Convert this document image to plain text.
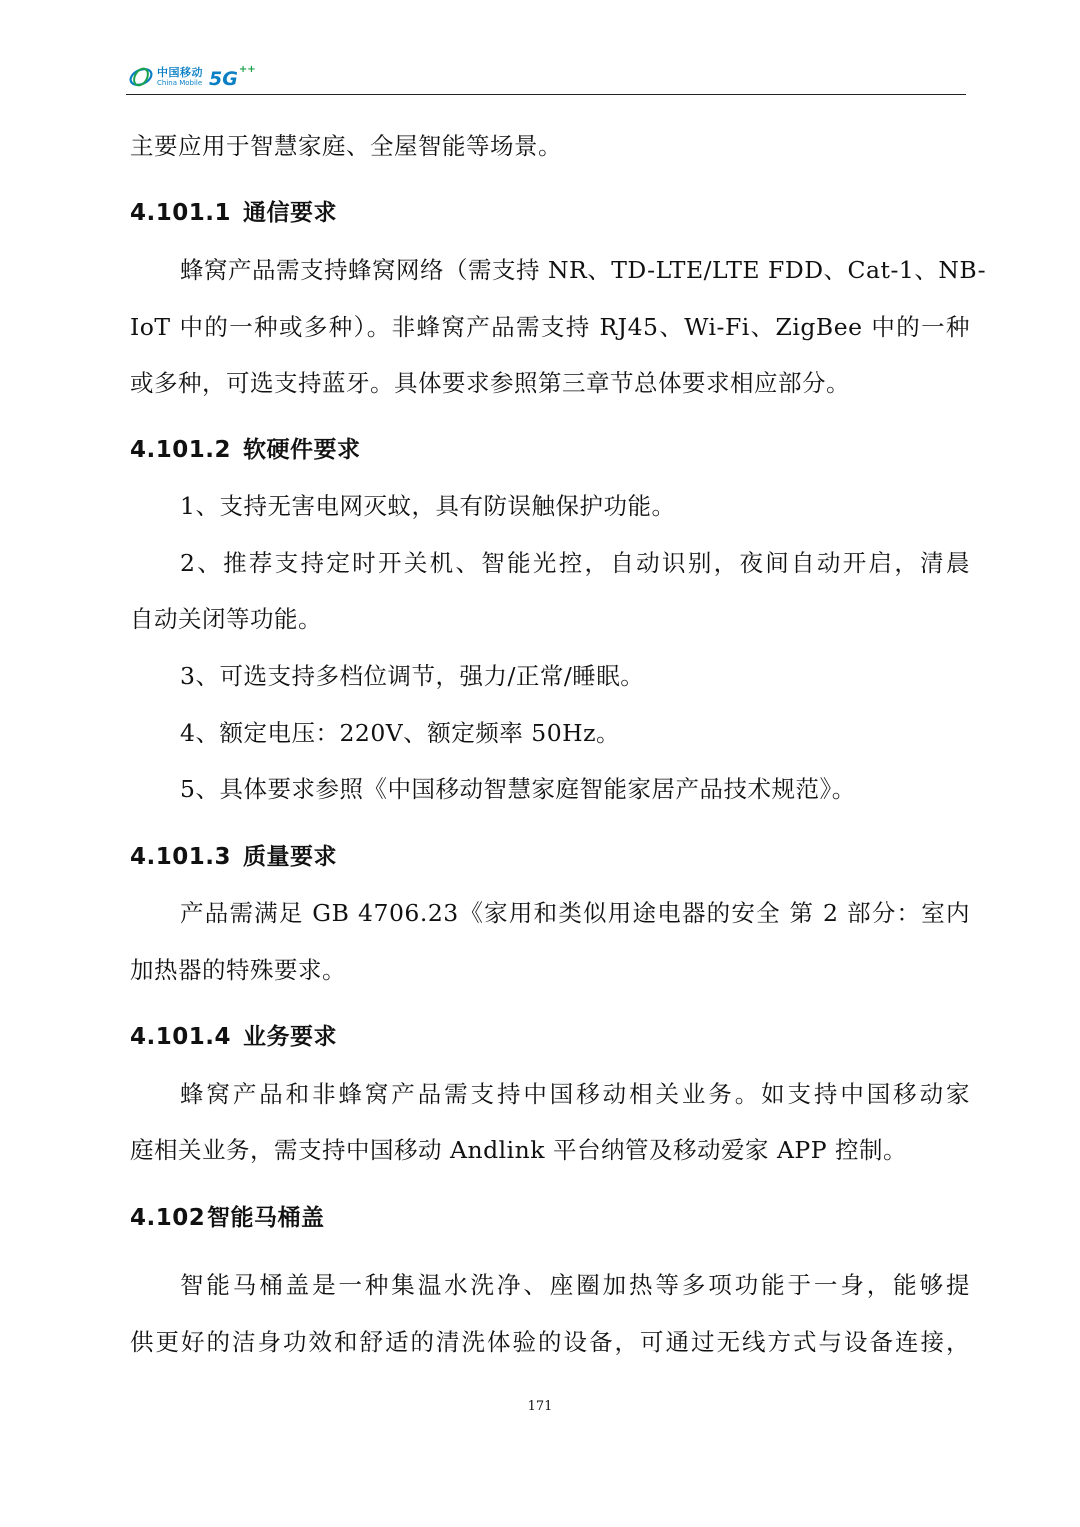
中国移动
China Mobile 5G ++

主要应用于智慧家庭、全屋智能等场景。

4.101.1 通信要求

蜂窝产品需支持蜂窝网络（需支持 NR、TD-LTE/LTE FDD、Cat-1、NB-

IoT 中的一种或多种）。非蜂窝产品需支持 RJ45、Wi-Fi、ZigBee 中的一种

或多种，可选支持蓝牙。具体要求参照第三章节总体要求相应部分。

4.101.2 软硬件要求

1、支持无害电网灭蚊，具有防误触保护功能。

2、推荐支持定时开关机、智能光控，自动识别，夜间自动开启，清晨

自动关闭等功能。

3、可选支持多档位调节，强力/正常/睡眠。

4、额定电压：220V、额定频率 50Hz。

5、具体要求参照《中国移动智慧家庭智能家居产品技术规范》。

4.101.3 质量要求

产品需满足 GB 4706.23《家用和类似用途电器的安全 第 2 部分：室内

加热器的特殊要求。

4.101.4 业务要求

蜂窝产品和非蜂窝产品需支持中国移动相关业务。如支持中国移动家

庭相关业务，需支持中国移动 Andlink 平台纳管及移动爱家 APP 控制。

4.102智能马桶盖

智能马桶盖是一种集温水洗净、座圈加热等多项功能于一身，能够提

供更好的洁身功效和舒适的清洗体验的设备，可通过无线方式与设备连接，

171
